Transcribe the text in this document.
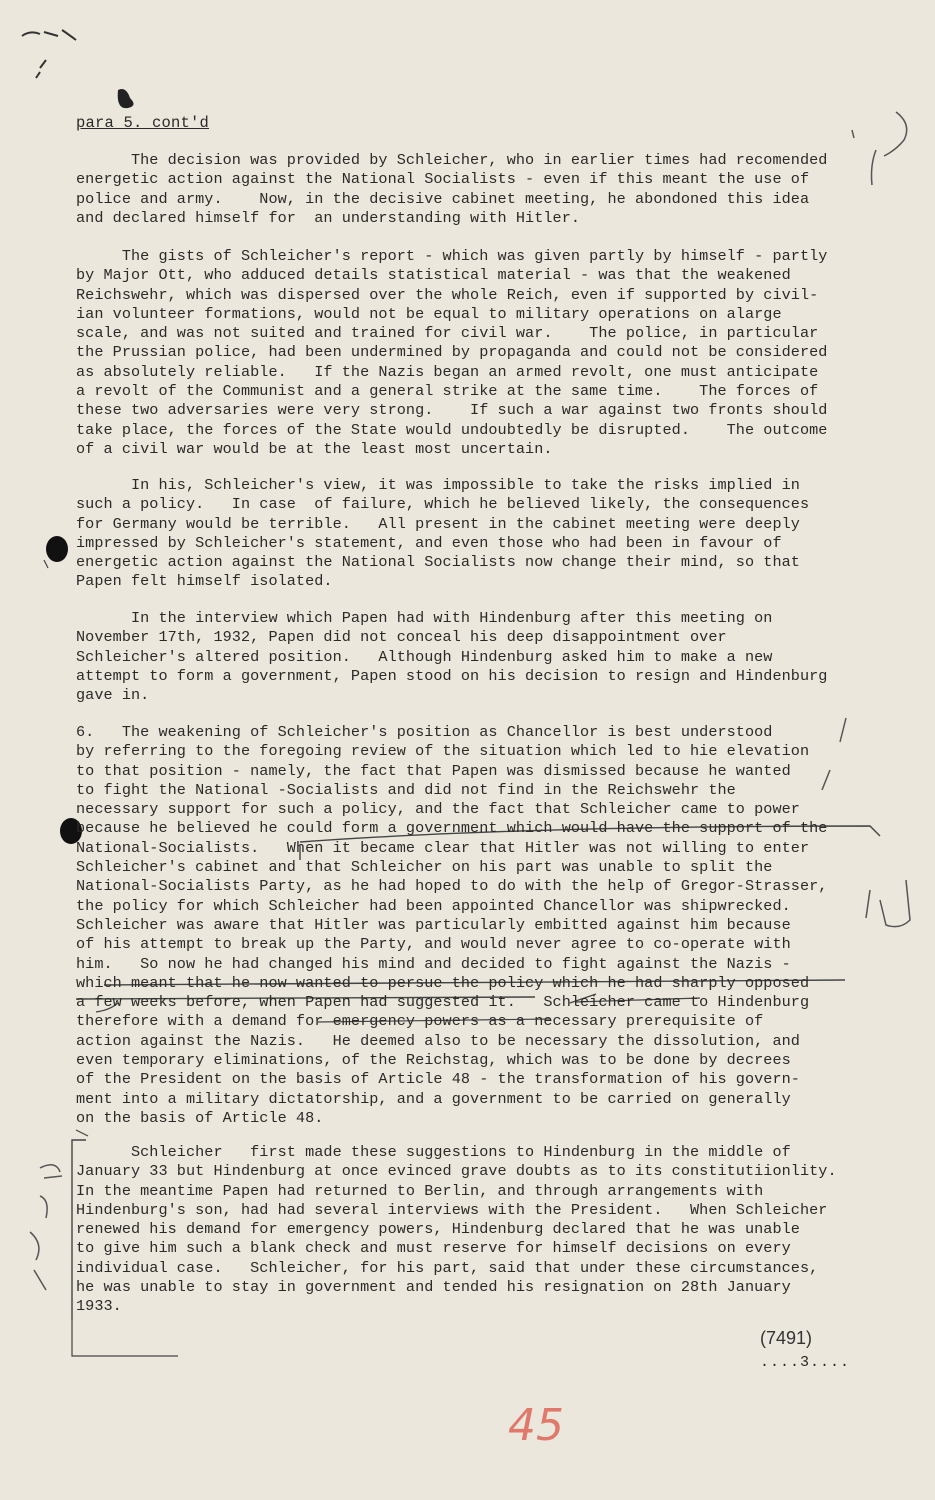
para 5. cont'd
The decision was provided by Schleicher, who in earlier times had recomended
energetic action against the National Socialists - even if this meant the use of
police and army.    Now, in the decisive cabinet meeting, he abondoned this idea
and declared himself for  an understanding with Hitler.
The gists of Schleicher's report - which was given partly by himself - partly
by Major Ott, who adduced details statistical material - was that the weakened
Reichswehr, which was dispersed over the whole Reich, even if supported by civil-
ian volunteer formations, would not be equal to military operations on alarge
scale, and was not suited and trained for civil war.    The police, in particular
the Prussian police, had been undermined by propaganda and could not be considered
as absolutely reliable.   If the Nazis began an armed revolt, one must anticipate
a revolt of the Communist and a general strike at the same time.    The forces of
these two adversaries were very strong.    If such a war against two fronts should
take place, the forces of the State would undoubtedly be disrupted.    The outcome
of a civil war would be at the least most uncertain.
In his, Schleicher's view, it was impossible to take the risks implied in
such a policy.   In case  of failure, which he believed likely, the consequences
for Germany would be terrible.   All present in the cabinet meeting were deeply
impressed by Schleicher's statement, and even those who had been in favour of
energetic action against the National Socialists now change their mind, so that
Papen felt himself isolated.
In the interview which Papen had with Hindenburg after this meeting on
November 17th, 1932, Papen did not conceal his deep disappointment over
Schleicher's altered position.   Although Hindenburg asked him to make a new
attempt to form a government, Papen stood on his decision to resign and Hindenburg
gave in.
6.   The weakening of Schleicher's position as Chancellor is best understood
by referring to the foregoing review of the situation which led to hie elevation
to that position - namely, the fact that Papen was dismissed because he wanted
to fight the National -Socialists and did not find in the Reichswehr the
necessary support for such a policy, and the fact that Schleicher came to power
because he believed he could form a government which would have the support of the
National-Socialists.   When it became clear that Hitler was not willing to enter
Schleicher's cabinet and that Schleicher on his part was unable to split the
National-Socialists Party, as he had hoped to do with the help of Gregor-Strasser,
the policy for which Schleicher had been appointed Chancellor was shipwrecked.
Schleicher was aware that Hitler was particularly embitted against him because
of his attempt to break up the Party, and would never agree to co-operate with
him.   So now he had changed his mind and decided to fight against the Nazis -
which meant that he now wanted to persue the policy which he had sharply opposed
a few weeks before, when Papen had suggested it.   Schleicher came to Hindenburg
therefore with a demand for emergency powers as a necessary prerequisite of
action against the Nazis.   He deemed also to be necessary the dissolution, and
even temporary eliminations, of the Reichstag, which was to be done by decrees
of the President on the basis of Article 48 - the transformation of his govern-
ment into a military dictatorship, and a government to be carried on generally
on the basis of Article 48.
Schleicher   first made these suggestions to Hindenburg in the middle of
January 33 but Hindenburg at once evinced grave doubts as to its constitutiionlity.
In the meantime Papen had returned to Berlin, and through arrangements with
Hindenburg's son, had had several interviews with the President.   When Schleicher
renewed his demand for emergency powers, Hindenburg declared that he was unable
to give him such a blank check and must reserve for himself decisions on every
individual case.   Schleicher, for his part, said that under these circumstances,
he was unable to stay in government and tended his resignation on 28th January
1933.
(7491)
....3....
45
